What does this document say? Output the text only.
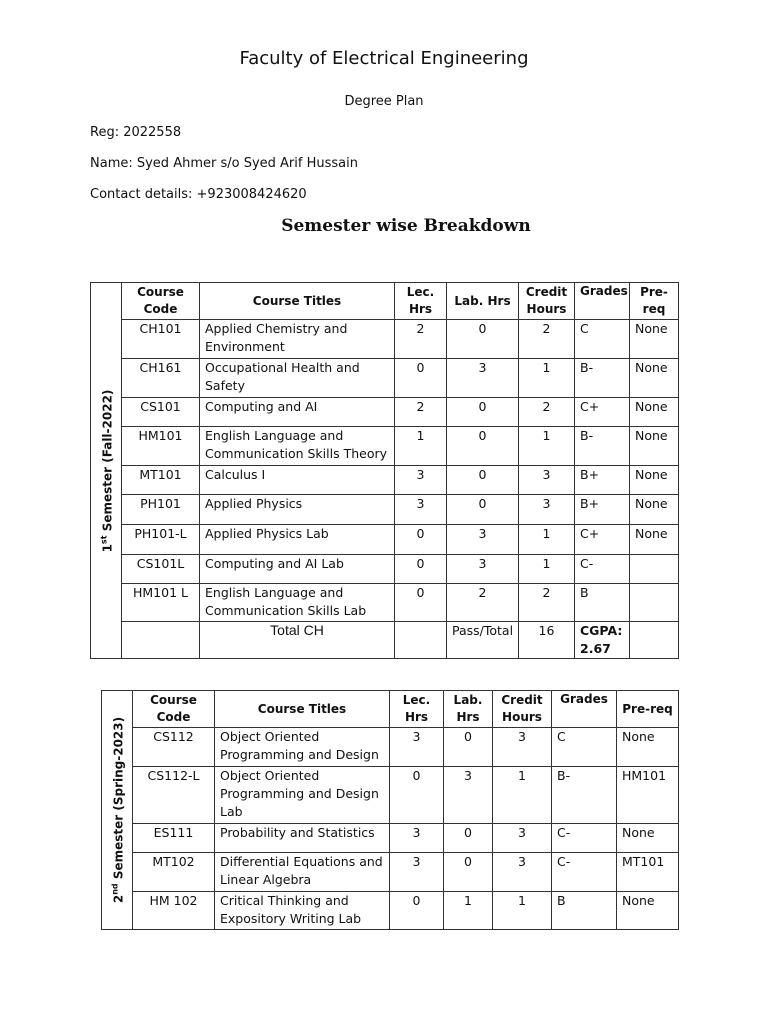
Faculty of Electrical Engineering
Degree Plan
Reg: 2022558
Name: Syed Ahmer s/o Syed Arif Hussain
Contact details: +923008424620
Semester wise Breakdown
1st Semester (Fall-2022)	Course Code	Course Titles	Lec. Hrs	Lab. Hrs	Credit Hours	Grades	Pre-req
	CH101	Applied Chemistry and Environment	2	0	2	C	None
	CH161	Occupational Health and Safety	0	3	1	B-	None
	CS101	Computing and AI	2	0	2	C+	None
	HM101	English Language and Communication Skills Theory	1	0	1	B-	None
	MT101	Calculus I	3	0	3	B+	None
	PH101	Applied Physics	3	0	3	B+	None
	PH101-L	Applied Physics Lab	0	3	1	C+	None
	CS101L	Computing and AI Lab	0	3	1	C-	
	HM101 L	English Language and Communication Skills Lab	0	2	2	B	
		Total CH		Pass/Total	16	CGPA: 2.67	
2nd Semester (Spring-2023)	Course Code	Course Titles	Lec. Hrs	Lab. Hrs	Credit Hours	Grades	Pre-req
	CS112	Object Oriented Programming and Design	3	0	3	C	None
	CS112-L	Object Oriented Programming and Design Lab	0	3	1	B-	HM101
	ES111	Probability and Statistics	3	0	3	C-	None
	MT102	Differential Equations and Linear Algebra	3	0	3	C-	MT101
	HM 102	Critical Thinking and Expository Writing Lab	0	1	1	B	None
